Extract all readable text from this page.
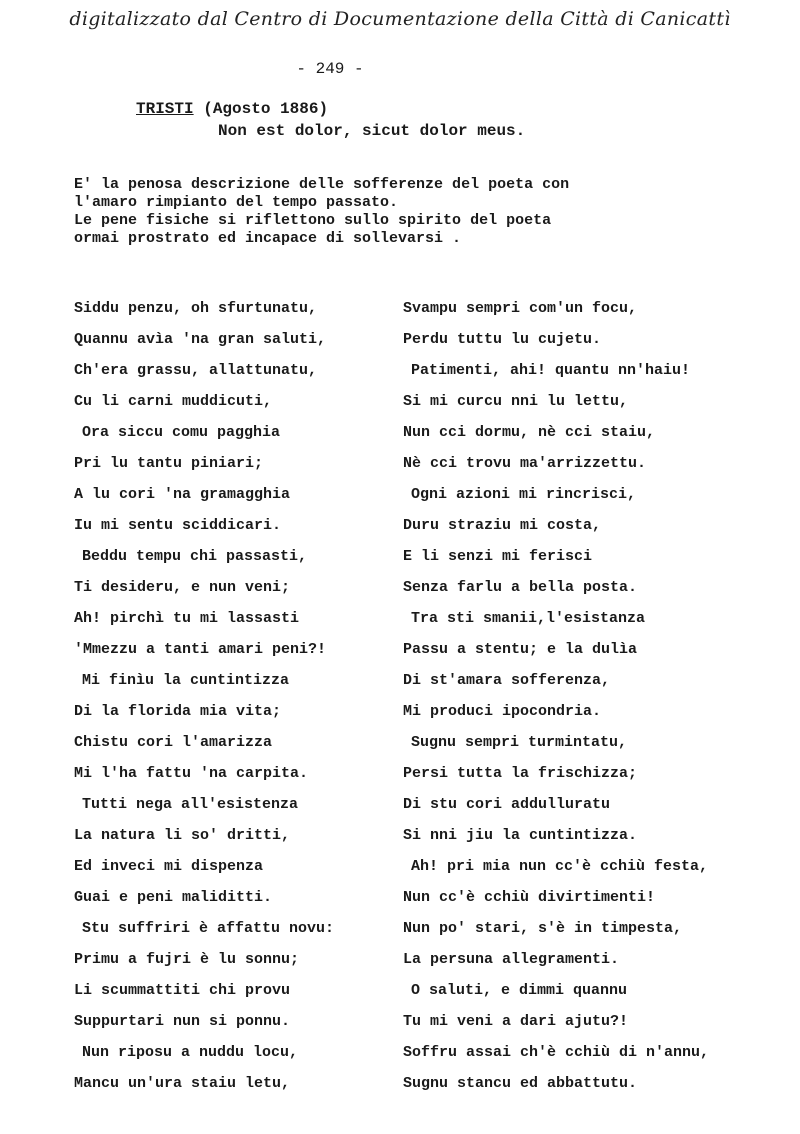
digitalizzato dal Centro di Documentazione della Città di Canicattì
- 249 -
TRISTI (Agosto 1886)
Non est dolor, sicut dolor meus.
E' la penosa descrizione delle sofferenze del poeta con
l'amaro rimpianto del tempo passato.
Le pene fisiche si riflettono sullo spirito del poeta
ormai prostrato ed incapace di sollevarsi .
Siddu penzu, oh sfurtunatu,
Quannu avìa 'na gran saluti,
Ch'era grassu, allattunatu,
Cu li carni muddicuti,
Ora siccu comu pagghia
Pri lu tantu piniari;
A lu cori 'na gramagghia
Iu mi sentu sciddicari.
Beddu tempu chi passasti,
Ti desideru, e nun veni;
Ah! pirchì tu mi lassasti
'Mmezzu a tanti amari peni?!
Mi finìu la cuntintizza
Di la florida mia vita;
Chistu cori l'amarizza
Mi l'ha fattu 'na carpita.
Tutti nega all'esistenza
La natura li so' dritti,
Ed inveci mi dispenza
Guai e peni maliditti.
Stu suffriri è affattu novu:
Primu a fujri è lu sonnu;
Li scummattiti chi provu
Suppurtari nun si ponnu.
Nun riposu a nuddu locu,
Mancu un'ura staiu letu,
Svampu sempri com'un focu,
Perdu tuttu lu cujetu.
Patimenti, ahi! quantu nn'haiu!
Si mi curcu nni lu lettu,
Nun cci dormu, nè cci staiu,
Nè cci trovu ma'arrizzettu.
Ogni azioni mi rincrisci,
Duru straziu mi costa,
E li senzi mi ferisci
Senza farlu a bella posta.
Tra sti smanii,l'esistanza
Passu a stentu; e la dulìa
Di st'amara sofferenza,
Mi produci ipocondria.
Sugnu sempri turmintatu,
Persi tutta la frischizza;
Di stu cori addulluratu
Si nni jiu la cuntintizza.
Ah! pri mia nun cc'è cchiù festa,
Nun cc'è cchiù divirtimenti!
Nun po' stari, s'è in timpesta,
La persuna allegramenti.
O saluti, e dimmi quannu
Tu mi veni a dari ajutu?!
Soffru assai ch'è cchiù di n'annu,
Sugnu stancu ed abbattutu.
